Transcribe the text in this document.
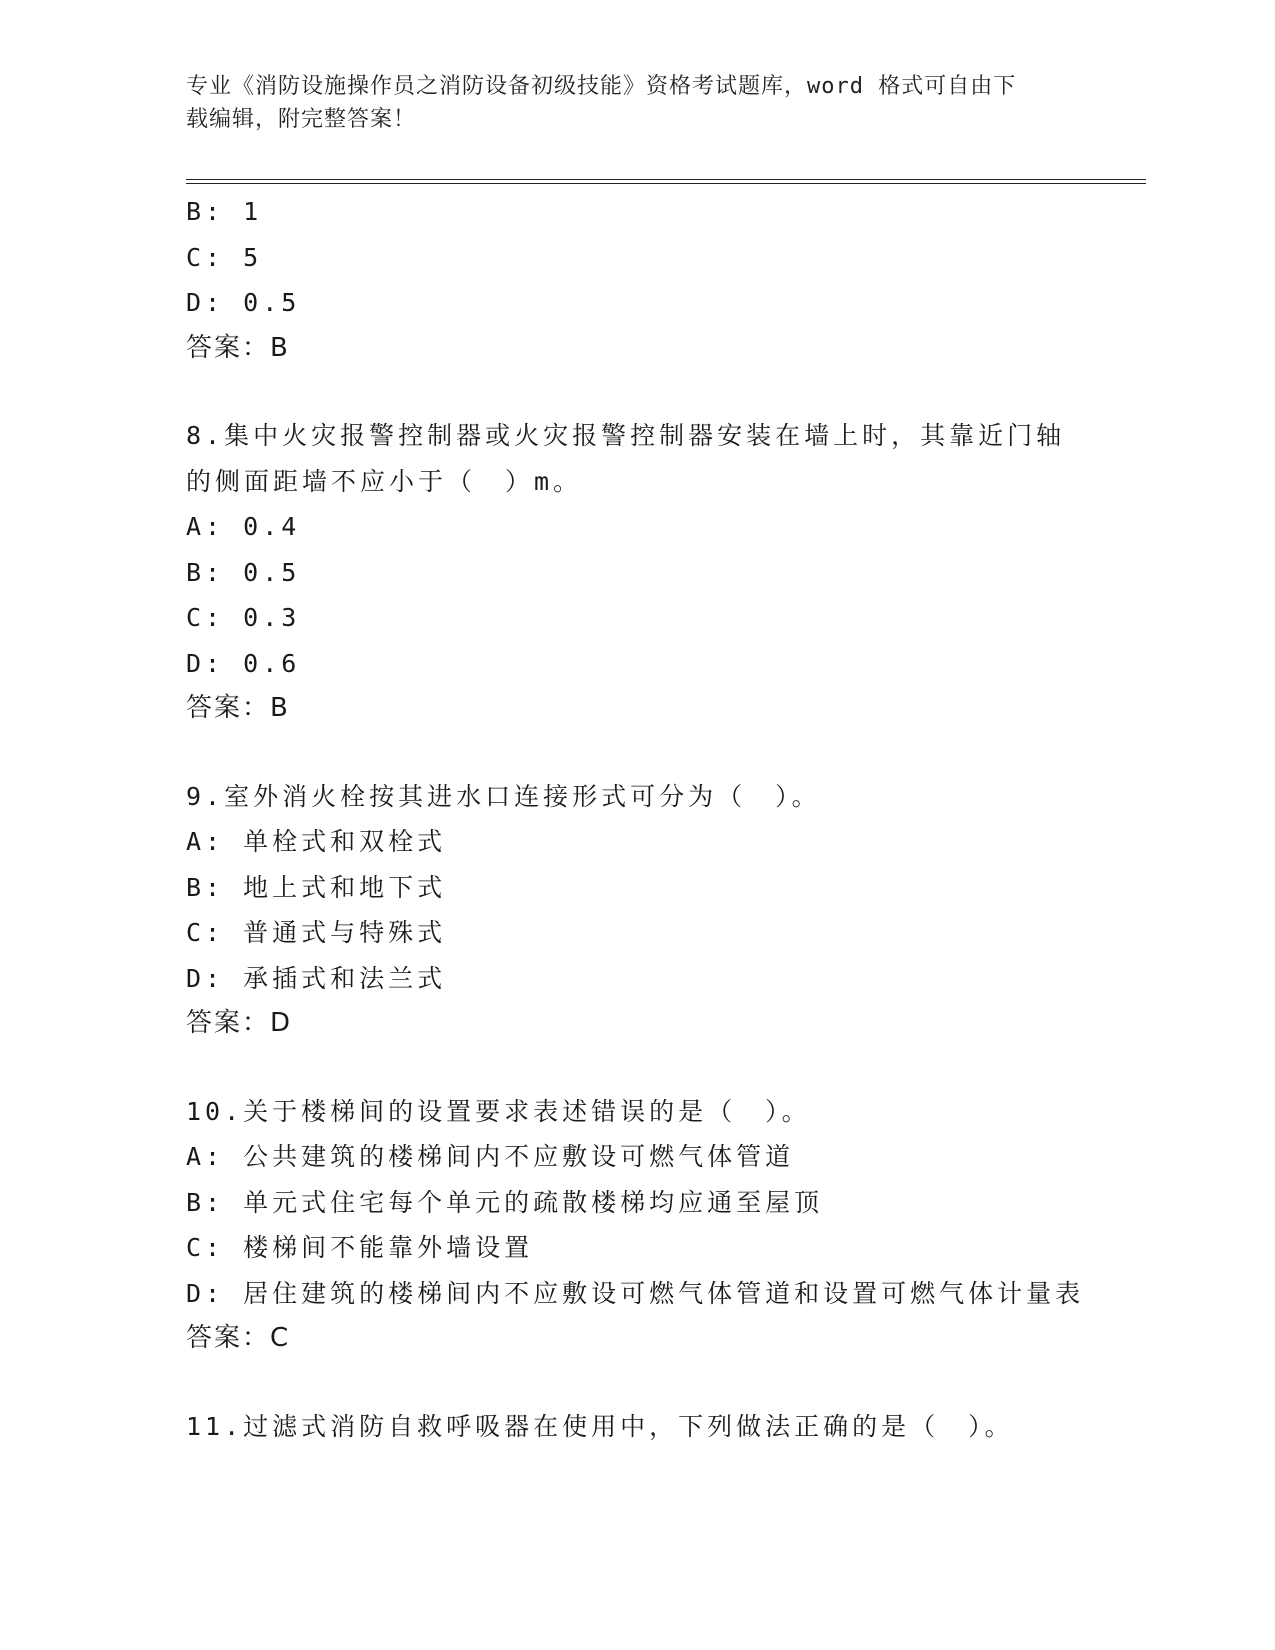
专业《消防设施操作员之消防设备初级技能》资格考试题库，word 格式可自由下
载编辑，附完整答案！
B: 1
C: 5
D: 0.5
答案：B
8.集中火灾报警控制器或火灾报警控制器安装在墙上时，其靠近门轴
的侧面距墙不应小于（　）m。
A: 0.4
B: 0.5
C: 0.3
D: 0.6
答案：B
9.室外消火栓按其进水口连接形式可分为（　）。
A: 单栓式和双栓式
B: 地上式和地下式
C: 普通式与特殊式
D: 承插式和法兰式
答案：D
10.关于楼梯间的设置要求表述错误的是（　）。
A: 公共建筑的楼梯间内不应敷设可燃气体管道
B: 单元式住宅每个单元的疏散楼梯均应通至屋顶
C: 楼梯间不能靠外墙设置
D: 居住建筑的楼梯间内不应敷设可燃气体管道和设置可燃气体计量表
答案：C
11.过滤式消防自救呼吸器在使用中，下列做法正确的是（　）。
